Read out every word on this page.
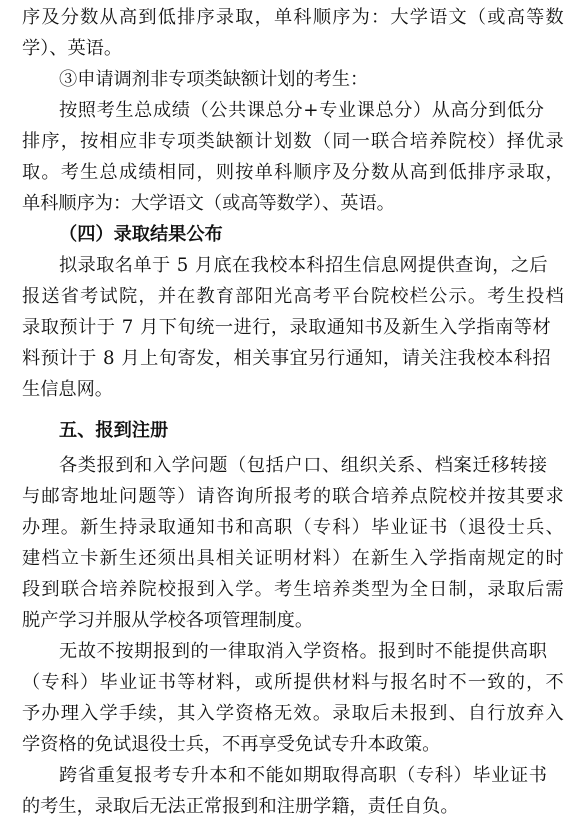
序及分数从高到低排序录取，单科顺序为：大学语文（或高等数
学）、英语。
③申请调剂非专项类缺额计划的考生：
按照考生总成绩（公共课总分+专业课总分）从高分到低分
排序，按相应非专项类缺额计划数（同一联合培养院校）择优录
取。考生总成绩相同，则按单科顺序及分数从高到低排序录取，
单科顺序为：大学语文（或高等数学）、英语。
（四）录取结果公布
拟录取名单于 5 月底在我校本科招生信息网提供查询，之后
报送省考试院，并在教育部阳光高考平台院校栏公示。考生投档
录取预计于 7 月下旬统一进行，录取通知书及新生入学指南等材
料预计于 8 月上旬寄发，相关事宜另行通知，请关注我校本科招
生信息网。
五、报到注册
各类报到和入学问题（包括户口、组织关系、档案迁移转接
与邮寄地址问题等）请咨询所报考的联合培养点院校并按其要求
办理。新生持录取通知书和高职（专科）毕业证书（退役士兵、
建档立卡新生还须出具相关证明材料）在新生入学指南规定的时
段到联合培养院校报到入学。考生培养类型为全日制，录取后需
脱产学习并服从学校各项管理制度。
无故不按期报到的一律取消入学资格。报到时不能提供高职
（专科）毕业证书等材料，或所提供材料与报名时不一致的，不
予办理入学手续，其入学资格无效。录取后未报到、自行放弃入
学资格的免试退役士兵，不再享受免试专升本政策。
跨省重复报考专升本和不能如期取得高职（专科）毕业证书
的考生，录取后无法正常报到和注册学籍，责任自负。
